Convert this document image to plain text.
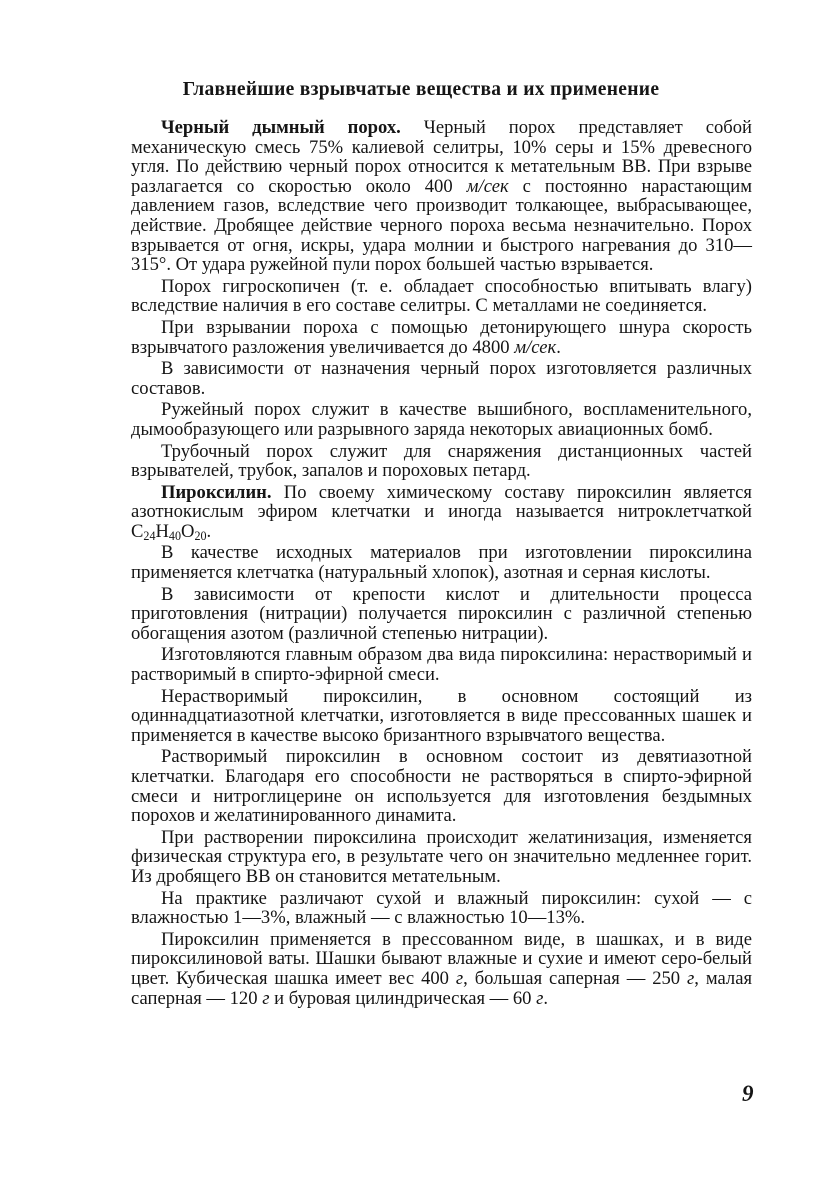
Главнейшие взрывчатые вещества и их применение

Черный дымный порох. Черный порох представляет собой механическую смесь 75% калиевой селитры, 10% серы и 15% древесного угля. По действию черный порох относится к метательным ВВ. При взрыве разлагается со скоростью около 400 м/сек с постоянно нарастающим давлением газов, вследствие чего производит толкающее, выбрасывающее, действие. Дробящее действие черного пороха весьма незначительно. Порох взрывается от огня, искры, удара молнии и быстрого нагревания до 310—315°. От удара ружейной пули порох большей частью взрывается.

Порох гигроскопичен (т. е. обладает способностью впитывать влагу) вследствие наличия в его составе селитры. С металлами не соединяется.

При взрывании пороха с помощью детонирующего шнура скорость взрывчатого разложения увеличивается до 4800 м/сек.

В зависимости от назначения черный порох изготовляется различных составов.

Ружейный порох служит в качестве вышибного, воспламенительного, дымообразующего или разрывного заряда некоторых авиационных бомб.

Трубочный порох служит для снаряжения дистанционных частей взрывателей, трубок, запалов и пороховых петард.

Пироксилин. По своему химическому составу пироксилин является азотнокислым эфиром клетчатки и иногда называется нитроклетчаткой $C_{24}H_{40}O_{20}$.

В качестве исходных материалов при изготовлении пироксилина применяется клетчатка (натуральный хлопок), азотная и серная кислоты.

В зависимости от крепости кислот и длительности процесса приготовления (нитрации) получается пироксилин с различной степенью обогащения азотом (различной степенью нитрации).

Изготовляются главным образом два вида пироксилина: нерастворимый и растворимый в спирто-эфирной смеси.

Нерастворимый пироксилин, в основном состоящий из одиннадцатиазотной клетчатки, изготовляется в виде прессованных шашек и применяется в качестве высоко бризантного взрывчатого вещества.

Растворимый пироксилин в основном состоит из девятиазотной клетчатки. Благодаря его способности не растворяться в спирто-эфирной смеси и нитроглицерине он используется для изготовления бездымных порохов и желатинированного динамита.

При растворении пироксилина происходит желатинизация, изменяется физическая структура его, в результате чего он значительно медленнее горит. Из дробящего ВВ он становится метательным.

На практике различают сухой и влажный пироксилин: сухой — с влажностью 1—3%, влажный — с влажностью 10—13%.

Пироксилин применяется в прессованном виде, в шашках, и в виде пироксилиновой ваты. Шашки бывают влажные и сухие и имеют серо-белый цвет. Кубическая шашка имеет вес 400 г, большая саперная — 250 г, малая саперная — 120 г и буровая цилиндрическая — 60 г.

9
